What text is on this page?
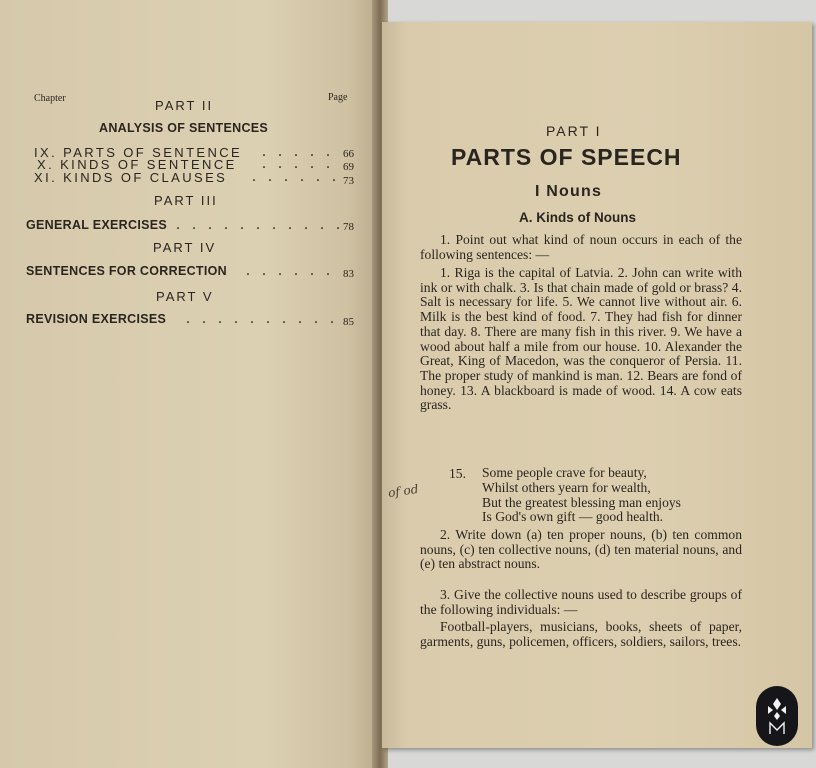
Chapter	Page
PART II
ANALYSIS OF SENTENCES
IX. PARTS OF SENTENCE . . . . . 66
X. KINDS OF SENTENCE . . . . . 69
XI. KINDS OF CLAUSES . . . . . . 73
PART III
GENERAL EXERCISES . . . . . . . . . . . 78
PART IV
SENTENCES FOR CORRECTION . . . . . . 83
PART V
REVISION EXERCISES . . . . . . . . . . 85
PART I
PARTS OF SPEECH
I Nouns
A. Kinds of Nouns

1. Point out what kind of noun occurs in each of the following sentences: —

1. Riga is the capital of Latvia. 2. John can write with ink or with chalk. 3. Is that chain made of gold or brass? 4. Salt is necessary for life. 5. We cannot live without air. 6. Milk is the best kind of food. 7. They had fish for dinner that day. 8. There are many fish in this river. 9. We have a wood about half a mile from our house. 10. Alexander the Great, King of Macedon, was the conqueror of Persia. 11. The proper study of mankind is man. 12. Bears are fond of honey. 13. A blackboard is made of wood. 14. A cow eats grass.

15. Some people crave for beauty,
Whilst others yearn for wealth,
But the greatest blessing man enjoys
Is God's own gift — good health.
of od

2. Write down (a) ten proper nouns, (b) ten common nouns, (c) ten collective nouns, (d) ten material nouns, and (e) ten abstract nouns.

3. Give the collective nouns used to describe groups of the following individuals: —

Football-players, musicians, books, sheets of paper, garments, guns, policemen, officers, soldiers, sailors, trees.
